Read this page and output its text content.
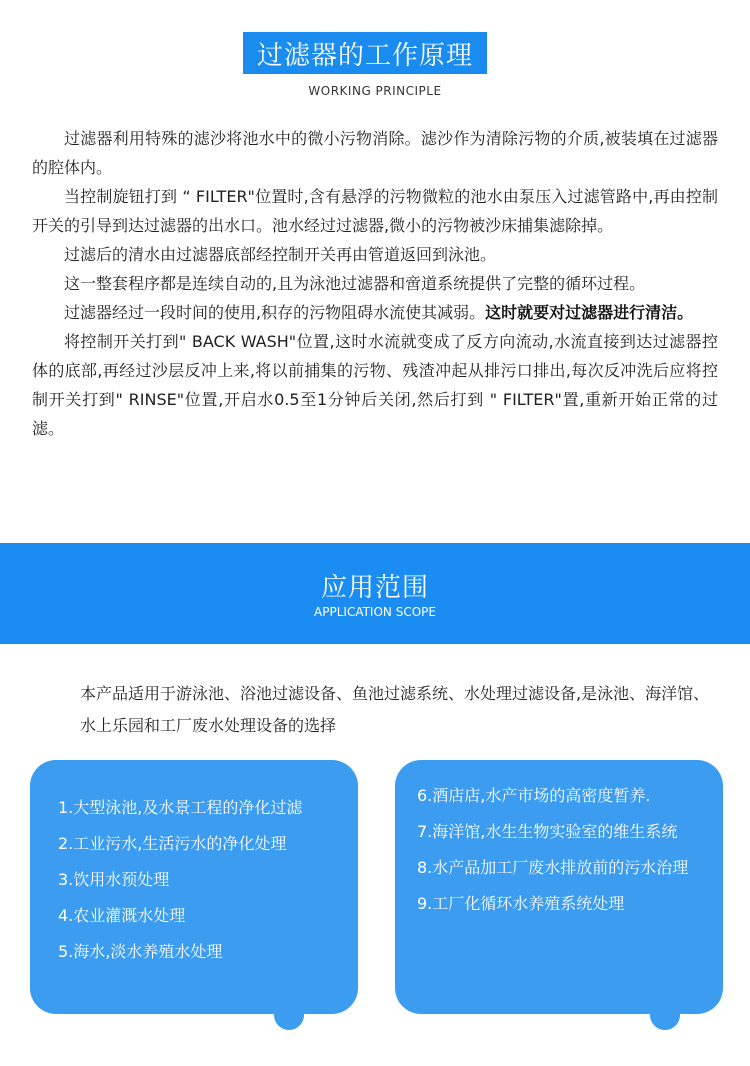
过滤器的工作原理
WORKING PRINCIPLE

过滤器利用特殊的滤沙将池水中的微小污物消除。滤沙作为清除污物的介质,被装填在过滤器的腔体内。

当控制旋钮打到 “ FILTER"位置时,含有悬浮的污物微粒的池水由泵压入过滤管路中,再由控制开关的引导到达过滤器的出水口。池水经过过滤器,微小的污物被沙床捕集滤除掉。

过滤后的清水由过滤器底部经控制开关再由管道返回到泳池。

这一整套程序都是连续自动的,且为泳池过滤器和啻道系统提供了完整的循环过程。

过滤器经过一段时间的使用,积存的污物阻碍水流使其减弱。这时就要对过滤器进行清洁。

将控制开关打到" BACK WASH"位置,这时水流就变成了反方向流动,水流直接到达过滤器控体的底部,再经过沙层反冲上来,将以前捕集的污物、残渣冲起从排污口排出,每次反冲洗后应将控制开关打到" RINSE"位置,开启水0.5至1分钟后关闭,然后打到 " FILTER"置,重新开始正常的过滤。

应用范围
APPLICATION SCOPE
本产品适用于游泳池、浴池过滤设备、鱼池过滤系统、水处理过滤设备,是泳池、海洋馆、水上乐园和工厂废水处理设备的选择
1.大型泳池,及水景工程的净化过滤
2.工业污水,生活污水的净化处理
3.饮用水预处理
4.农业灌溉水处理
5.海水,淡水养殖水处理
6.酒店店,水产市场的高密度暂养.
7.海洋馆,水生生物实验室的维生系统
8.水产品加工厂废水排放前的污水治理
9.工厂化循环水养殖系统处理
